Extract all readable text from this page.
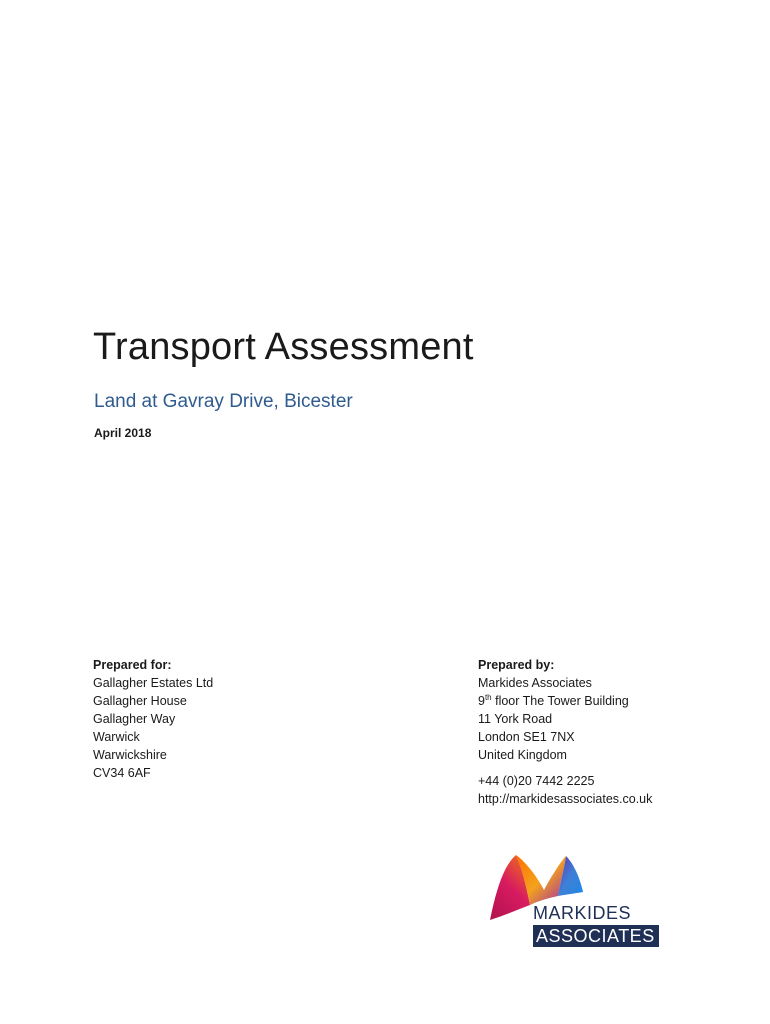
Transport Assessment
Land at Gavray Drive, Bicester
April 2018
Prepared for:
Gallagher Estates Ltd
Gallagher House
Gallagher Way
Warwick
Warwickshire
CV34 6AF
Prepared by:
Markides Associates
9th floor The Tower Building
11 York Road
London SE1 7NX
United Kingdom
+44 (0)20 7442 2225
http://markidesassociates.co.uk
MARKIDES
ASSOCIATES
